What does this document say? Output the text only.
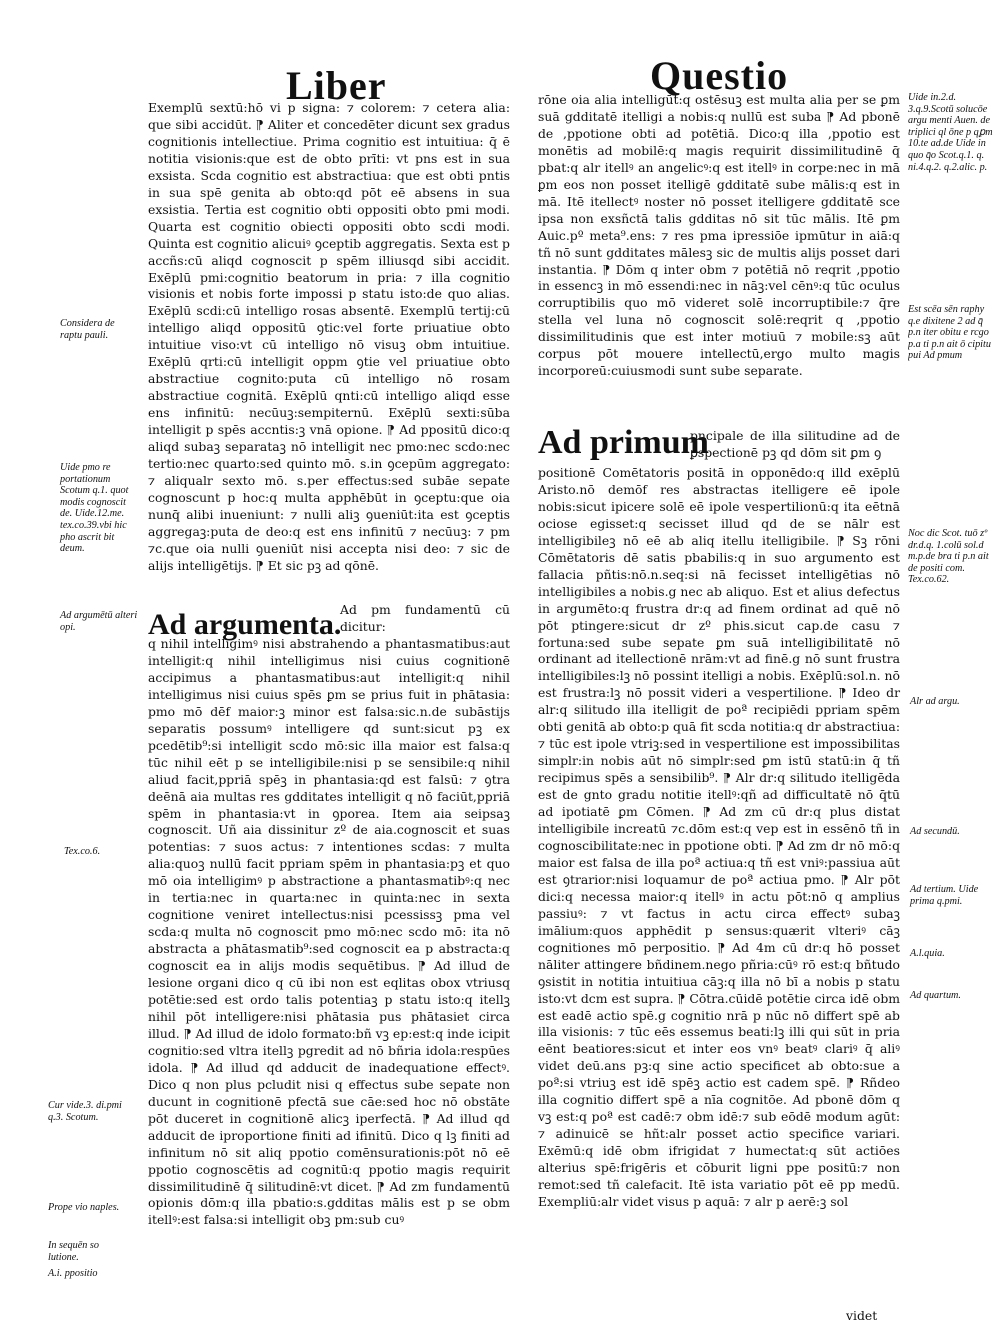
Liber	Questio

Exemplū sextū:hō vi p signa: ⁊ colorem: ⁊ cetera alia: que sibi accidūt. ⁋ Aliter et concedēter dicunt sex gradus cognitionis intellectiue. Prima cognitio est intuitiua: q̄ ē notitia visionis:que est de obto prīti: vt pns est in sua exsista. Scda cognitio est abstractiua: que est obti pntis in sua spē genita ab obto:qd pōt eē absens in sua exsistia. Tertia est cognitio obti oppositi obto pmi modi. Quarta est cognitio obiecti oppositi obto scdi modi. Quinta est cognitio alicuiꝰ ꝯceptib aggregatis. Sexta est p accñs:cū aliqd cognoscit p spēm illiusqd sibi accidit. Exēplū pmi:cognitio beatorum in pria: ⁊ illa cognitio visionis et nobis forte impossi p statu isto:de quo alias. Exēplū scdi:cū intelligo rosas absentē. Exemplū tertij:cū intelligo aliqd oppositū ꝯtic:vel forte priuatiue obto intuitiue viso:vt cū intelligo nō visuꝫ obm intuitiue. Exēplū qrti:cū intelligit oppm ꝯtie vel priuatiue obto abstractiue cognito:puta cū intelligo nō rosam abstractiue cognitā. Exēplū qnti:cū intelligo aliqd esse ens infinitū: necūuꝫ:sempiternū. Exēplū sexti:sūba intelligit p spēs accntis:ꝫ vnā opione. ⁋ Ad ppositū dico:q aliqd subaꝫ separataꝫ nō intelligit nec pmo:nec scdo:nec tertio:nec quarto:sed quinto mō. s.in ꝯcepūm aggregato: ⁊ aliqualr sexto mō. s.per effectus:sed subāe sepate cognoscunt p hoc:q multa apphēbūt in ꝯceptu:que oia nunq̄ alibi inueniunt: ⁊ nulli aliꝫ ꝯueniūt:ita est ꝯceptis aggregaꝫ:puta de deo:q est ens infinitū ⁊ necūuꝫ: ⁊ pm ⁊c.que oia nulli ꝯueniūt nisi accepta nisi deo: ⁊ sic de alijs intelligētijs. ⁋ Et sic pꝫ ad qōnē.

Ad argumenta.
Ad pm fundamentū cū dicitur:

q nihil intelligimꝰ nisi abstrahendo a phantasmatibus:aut intelligit:q nihil intelligimus nisi cuius cognitionē accipimus a phantasmatibus:aut intelligit:q nihil intelligimus nisi cuius spēs ꝑm se prius fuit in phātasia: pmo mō dēf maior:ꝫ minor est falsa:sic.n.de subāstijs separatis possumꝰ intelligere qd sunt:sicut pꝫ ex pcedētib⁹:si intelligit scdo mō:sic illa maior est falsa:q tūc nihil eēt p se intelligibile:nisi p se sensibile:q nihil aliud facit,ppriā spēꝫ in phantasia:qd est falsū: ⁊ ꝯtra deēnā aia multas res gdditates intelligit q nō faciūt,ppriā spēm in phantasia:vt in ꝯporea. Item aia seipsaꝫ cognoscit. Uñ aia dissinitur zº de aia.cognoscit et suas potentias: ⁊ suos actus: ⁊ intentiones scdas: ⁊ multa alia:quoꝫ nullū facit ppriam spēm in phantasia:pꝫ et quo mō oia intelligimꝰ p abstractione a phantasmatibꝰ:q nec in tertia:nec in quarta:nec in quinta:nec in sexta cognitione veniret intellectus:nisi pcessissꝫ pma vel scda:q multa nō cognoscit pmo mō:nec scdo mō: ita nō abstracta a phātasmatib⁹:sed cognoscit ea p abstracta:q cognoscit ea in alijs modis sequētibus. ⁋ Ad illud de lesione organi dico q cū ibi non est eqlitas obox vtriusq potētie:sed est ordo talis potentiaꝫ p statu isto:q itellꝫ nihil pōt intelligere:nisi phātasia pus phātasiet circa illud. ⁋ Ad illud de idolo formato:bñ vꝫ ep:est:q inde icipit cognitio:sed vltra itellꝫ pgredit ad nō bñria idola:respūes idola. ⁋ Ad illud qd adducit de inadequatione effectꝰ. Dico q non plus pcludit nisi q effectus sube sepate non ducunt in cognitionē pfectā sue cāe:sed hoc nō obstāte pōt duceret in cognitionē alicꝫ iperfectā. ⁋ Ad illud qd adducit de iproportione finiti ad ifinitū. Dico q lꝫ finiti ad infinitum nō sit aliq ppotio comēnsurationis:pōt nō eē ppotio cognoscētis ad cognitū:q ppotio magis requirit dissimilitudinē q̄ silitudinē:vt dicet. ⁋ Ad zm fundamentū opionis dōm:q illa pbatio:s.gdditas mālis est p se obm itellꝰ:est falsa:si intelligit obꝫ pm:sub cuꝰ

rōne oia alia intelligūt:q ostēsuꝫ est multa alia per se ꝑm suā gdditatē itelligi a nobis:q nullū est suba ⁋ Ad pbonē de ,ppotione obti ad potētiā. Dico:q illa ,ppotio est monētis ad mobilē:q magis requirit dissimilitudinē q̄ pbat:q alr itellꝰ an angelicꝰ:q est itellꝰ in corpe:nec in mā ꝑm eos non posset itelligē gdditatē sube mālis:q est in mā. Itē itellectꝰ noster nō posset itelligere gdditatē sce ipsa non exsñctā talis gdditas nō sit tūc mālis. Itē ꝑm Auic.pº meta⁹.ens: ⁊ res pma ipressiōe ipmūtur in aiā:q tñ nō sunt gdditates mālesꝫ sic de multis alijs posset dari instantia. ⁋ Dōm q inter obm ⁊ potētiā nō reqrit ,ppotio in essencꝫ in mō essendi:nec in nāꝫ:vel cēnꝰ:q tūc oculus corruptibilis quo mō videret solē incorruptibile:⁊ q̄re stella vel luna nō cognoscit solē:reqrit q ,ppotio dissimilitudinis que est inter motiuū ⁊ mobile:sꝫ aūt corpus pōt mouere intellectū,ergo multo magis incorporeū:cuiusmodi sunt sube separate.

Ad primum
pncipale de illa silitudine ad de ꝑspectionē pꝫ qd dōm sit ꝑm ꝯ

positionē Comētatoris positā in opponēdo:q illd exēplū Aristo.nō demōf res abstractas itelligere eē ipole nobis:sicut ipicere solē eē ipole vespertilionū:q ita eētnā ociose egisset:q secisset illud qd de se nālr est intelligibileꝫ nō eē ab aliq itellu itelligibile. ⁋ Sꝫ rōni Cōmētatoris dē satis pbabilis:q in suo argumento est fallacia pñtis:nō.n.seq:si nā fecisset intelligētias nō intelligibiles a nobis.g nec ab aliquo. Est et alius defectus in argumēto:q frustra dr:q ad finem ordinat ad quē nō pōt ptingere:sicut dr zº phis.sicut cap.de casu ⁊ fortuna:sed sube sepate ꝑm suā intelligibilitatē nō ordinant ad itellectionē nrām:vt ad finē.g nō sunt frustra intelligibiles:lꝫ nō possint itelligi a nobis. Exēplū:sol.n. nō est frustra:lꝫ nō possit videri a vespertilione. ⁋ Ideo dr alr:q silitudo illa itelligit de poª recipiēdi ppriam spēm obti genitā ab obto:p quā fit scda notitia:q dr abstractiua: ⁊ tūc est ipole vtriꝫ:sed in vespertilione est impossibilitas simplr:in nobis aūt nō simplr:sed ꝑm istū statū:in q̄ tñ recipimus spēs a sensibilib⁹. ⁋ Alr dr:q silitudo itelligēda est de gnto gradu notitie itellꝰ:qñ ad difficultatē nō q̄tū ad ipotiatē ꝑm Cōmen. ⁋ Ad zm cū dr:q plus distat intelligibile increatū ⁊c.dōm est:q vep est in essēnō tñ in cognoscibilitate:nec in ppotione obti. ⁋ Ad zm dr nō mō:q maior est falsa de illa poª actiua:q tñ est vniꝰ:passiua aūt est ꝯtrarior:nisi loquamur de poª actiua pmo. ⁋ Alr pōt dici:q necessa maior:q itellꝰ in actu pōt:nō q amplius passiuꝰ: ⁊ vt factus in actu circa effectꝰ subaꝫ imālium:quos apphēdit p sensus:quærit vlteriꝰ cāꝫ cognitiones mō perpositio. ⁋ Ad 4m cū dr:q hō posset nāliter attingere bñdinem.nego pñria:cūꝰ rō est:q bñtudo ꝯsistit in notitia intuitiua cāꝫ:q illa nō bī a nobis p statu isto:vt dcm est supra. ⁋ Cōtra.cūidē potētie circa idē obm est eadē actio spē.g cognitio nrā p nūc nō differt spē ab illa visionis: ⁊ tūc eēs essemus beati:lꝫ illi qui sūt in pria eēnt beatiores:sicut et inter eos vnꝰ beatꝰ clariꝰ q̄ aliꝰ videt deū.ans pꝫ:q sine actio specificet ab obto:sue a poª:si vtriuꝫ est idē spēꝫ actio est cadem spē. ⁋ Rñdeo illa cognitio differt spē a nīa cognitōe. Ad pbonē dōm q vꝫ est:q poª est cadē:⁊ obm idē:⁊ sub eōdē modum agūt: ⁊ adinuicē se hñt:alr posset actio specifice variari. Exēmū:q idē obm ifrigidat ⁊ humectat:q sūt actiōes alterius spē:frigēris et cōburit ligni ppe positū:⁊ non remot:sed tñ calefacit. Itē ista variatio pōt eē pp medū. Exempliū:alr videt visus p aquā: ⁊ alr p aerē:ꝫ sol

videt
Considera de raptu pauli.
Uide pmo re portationum Scotum q.1. quot modis cognoscit de. Uide.12.me. tex.co.39.vbi hic pho ascrit bit deum.
Ad argumētū alteri opi.
Tex.co.6.
Cur vide.3. di.pmi q.3. Scotum.
Prope vio naples.
In sequēn so lutione.
A.i. ppositio
Uide in.2.d. 3.q.9.Scotū solucōe argu menti Auen. de triplici ql ōne p qꝑm 10.te ad.de Uide in quo q̄o Scot.q.1. q. ni.4.q.2. q.2.alic. p.
Est scēa sēn raphy q.e dixitene 2 ad q̄ p.n iter obitu e rcgo p.a ti p.n ait ō cipitu pui Ad pmum
Noc dic Scot. tuō zº dr.d.q. 1.colū sol.d m.p.de bra ti p.n ait de positi com. Tex.co.62.
Alr ad argu.
Ad secundū.
Ad tertium. Uide prima q.pmi.
A.l.quia.
Ad quartum.
